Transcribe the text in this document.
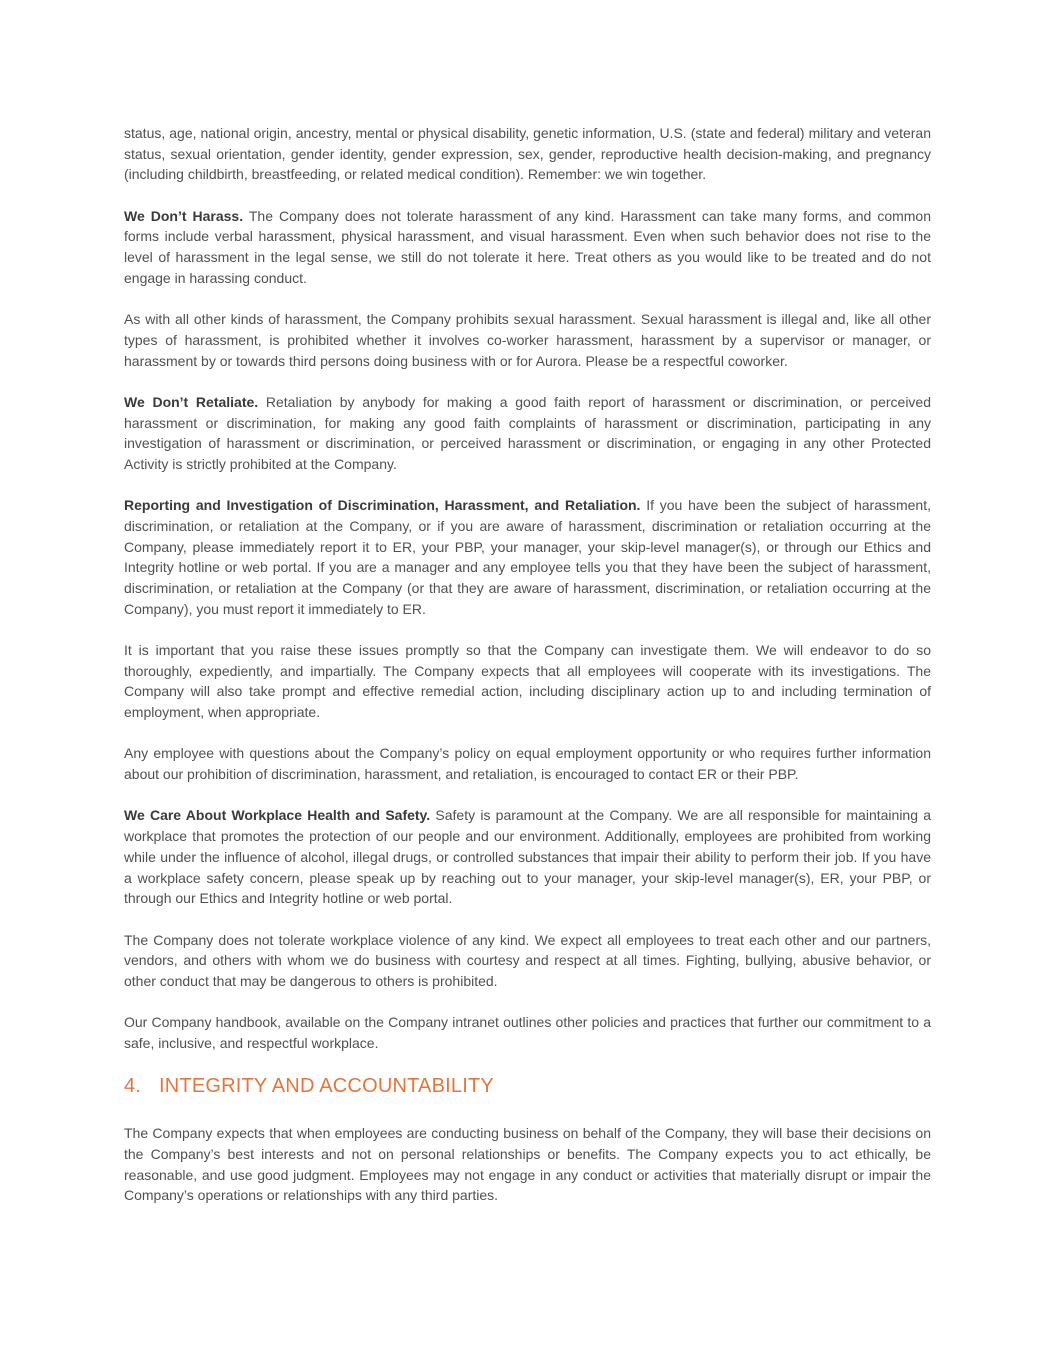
status, age, national origin, ancestry, mental or physical disability, genetic information, U.S. (state and federal) military and veteran status, sexual orientation, gender identity, gender expression, sex, gender, reproductive health decision-making, and pregnancy (including childbirth, breastfeeding, or related medical condition). Remember: we win together.

We Don’t Harass. The Company does not tolerate harassment of any kind. Harassment can take many forms, and common forms include verbal harassment, physical harassment, and visual harassment. Even when such behavior does not rise to the level of harassment in the legal sense, we still do not tolerate it here. Treat others as you would like to be treated and do not engage in harassing conduct.

As with all other kinds of harassment, the Company prohibits sexual harassment. Sexual harassment is illegal and, like all other types of harassment, is prohibited whether it involves co-worker harassment, harassment by a supervisor or manager, or harassment by or towards third persons doing business with or for Aurora. Please be a respectful coworker.

We Don’t Retaliate. Retaliation by anybody for making a good faith report of harassment or discrimination, or perceived harassment or discrimination, for making any good faith complaints of harassment or discrimination, participating in any investigation of harassment or discrimination, or perceived harassment or discrimination, or engaging in any other Protected Activity is strictly prohibited at the Company.

Reporting and Investigation of Discrimination, Harassment, and Retaliation. If you have been the subject of harassment, discrimination, or retaliation at the Company, or if you are aware of harassment, discrimination or retaliation occurring at the Company, please immediately report it to ER, your PBP, your manager, your skip-level manager(s), or through our Ethics and Integrity hotline or web portal. If you are a manager and any employee tells you that they have been the subject of harassment, discrimination, or retaliation at the Company (or that they are aware of harassment, discrimination, or retaliation occurring at the Company), you must report it immediately to ER.

It is important that you raise these issues promptly so that the Company can investigate them. We will endeavor to do so thoroughly, expediently, and impartially. The Company expects that all employees will cooperate with its investigations. The Company will also take prompt and effective remedial action, including disciplinary action up to and including termination of employment, when appropriate.

Any employee with questions about the Company’s policy on equal employment opportunity or who requires further information about our prohibition of discrimination, harassment, and retaliation, is encouraged to contact ER or their PBP.

We Care About Workplace Health and Safety. Safety is paramount at the Company. We are all responsible for maintaining a workplace that promotes the protection of our people and our environment. Additionally, employees are prohibited from working while under the influence of alcohol, illegal drugs, or controlled substances that impair their ability to perform their job. If you have a workplace safety concern, please speak up by reaching out to your manager, your skip-level manager(s), ER, your PBP, or through our Ethics and Integrity hotline or web portal.

The Company does not tolerate workplace violence of any kind. We expect all employees to treat each other and our partners, vendors, and others with whom we do business with courtesy and respect at all times. Fighting, bullying, abusive behavior, or other conduct that may be dangerous to others is prohibited.

Our Company handbook, available on the Company intranet outlines other policies and practices that further our commitment to a safe, inclusive, and respectful workplace.

4. INTEGRITY AND ACCOUNTABILITY

The Company expects that when employees are conducting business on behalf of the Company, they will base their decisions on the Company’s best interests and not on personal relationships or benefits. The Company expects you to act ethically, be reasonable, and use good judgment. Employees may not engage in any conduct or activities that materially disrupt or impair the Company’s operations or relationships with any third parties.
